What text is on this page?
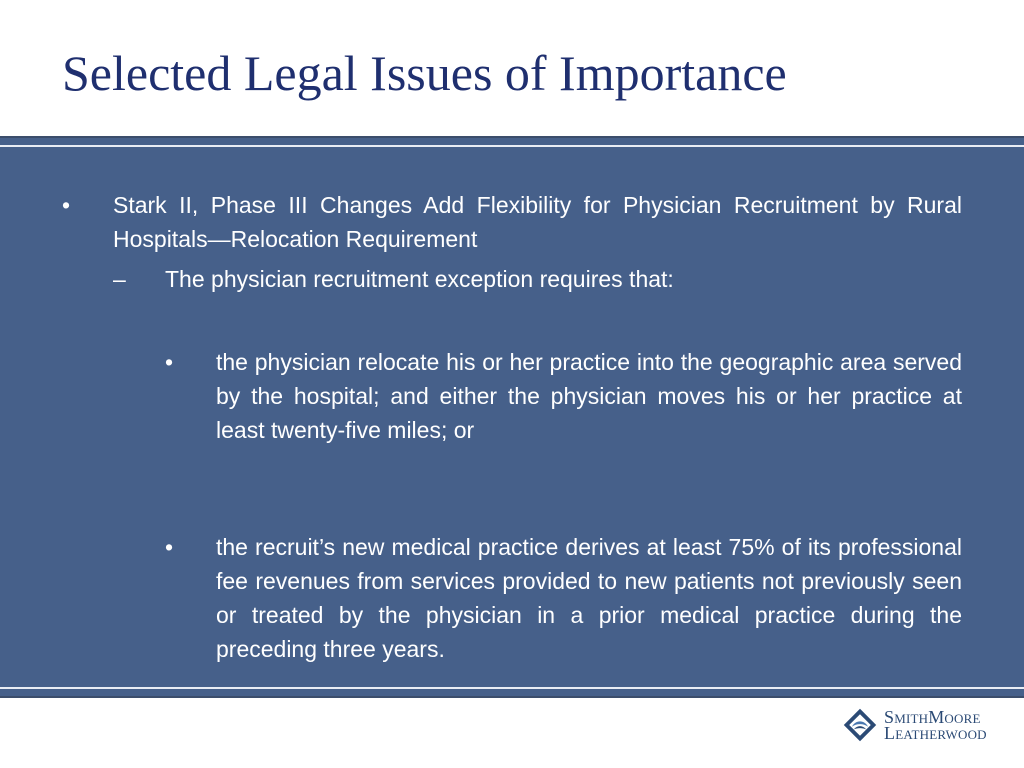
Selected Legal Issues of Importance
•	Stark II, Phase III Changes Add Flexibility for Physician Recruitment by Rural Hospitals—Relocation Requirement
–	The physician recruitment exception requires that:
•	the physician relocate his or her practice into the geographic area served by the hospital; and either the physician moves his or her practice at least twenty-five miles; or
•	the recruit’s new medical practice derives at least 75% of its professional fee revenues from services provided to new patients not previously seen or treated by the physician in a prior medical practice during the preceding three years.
SmithMoore
Leatherwood
